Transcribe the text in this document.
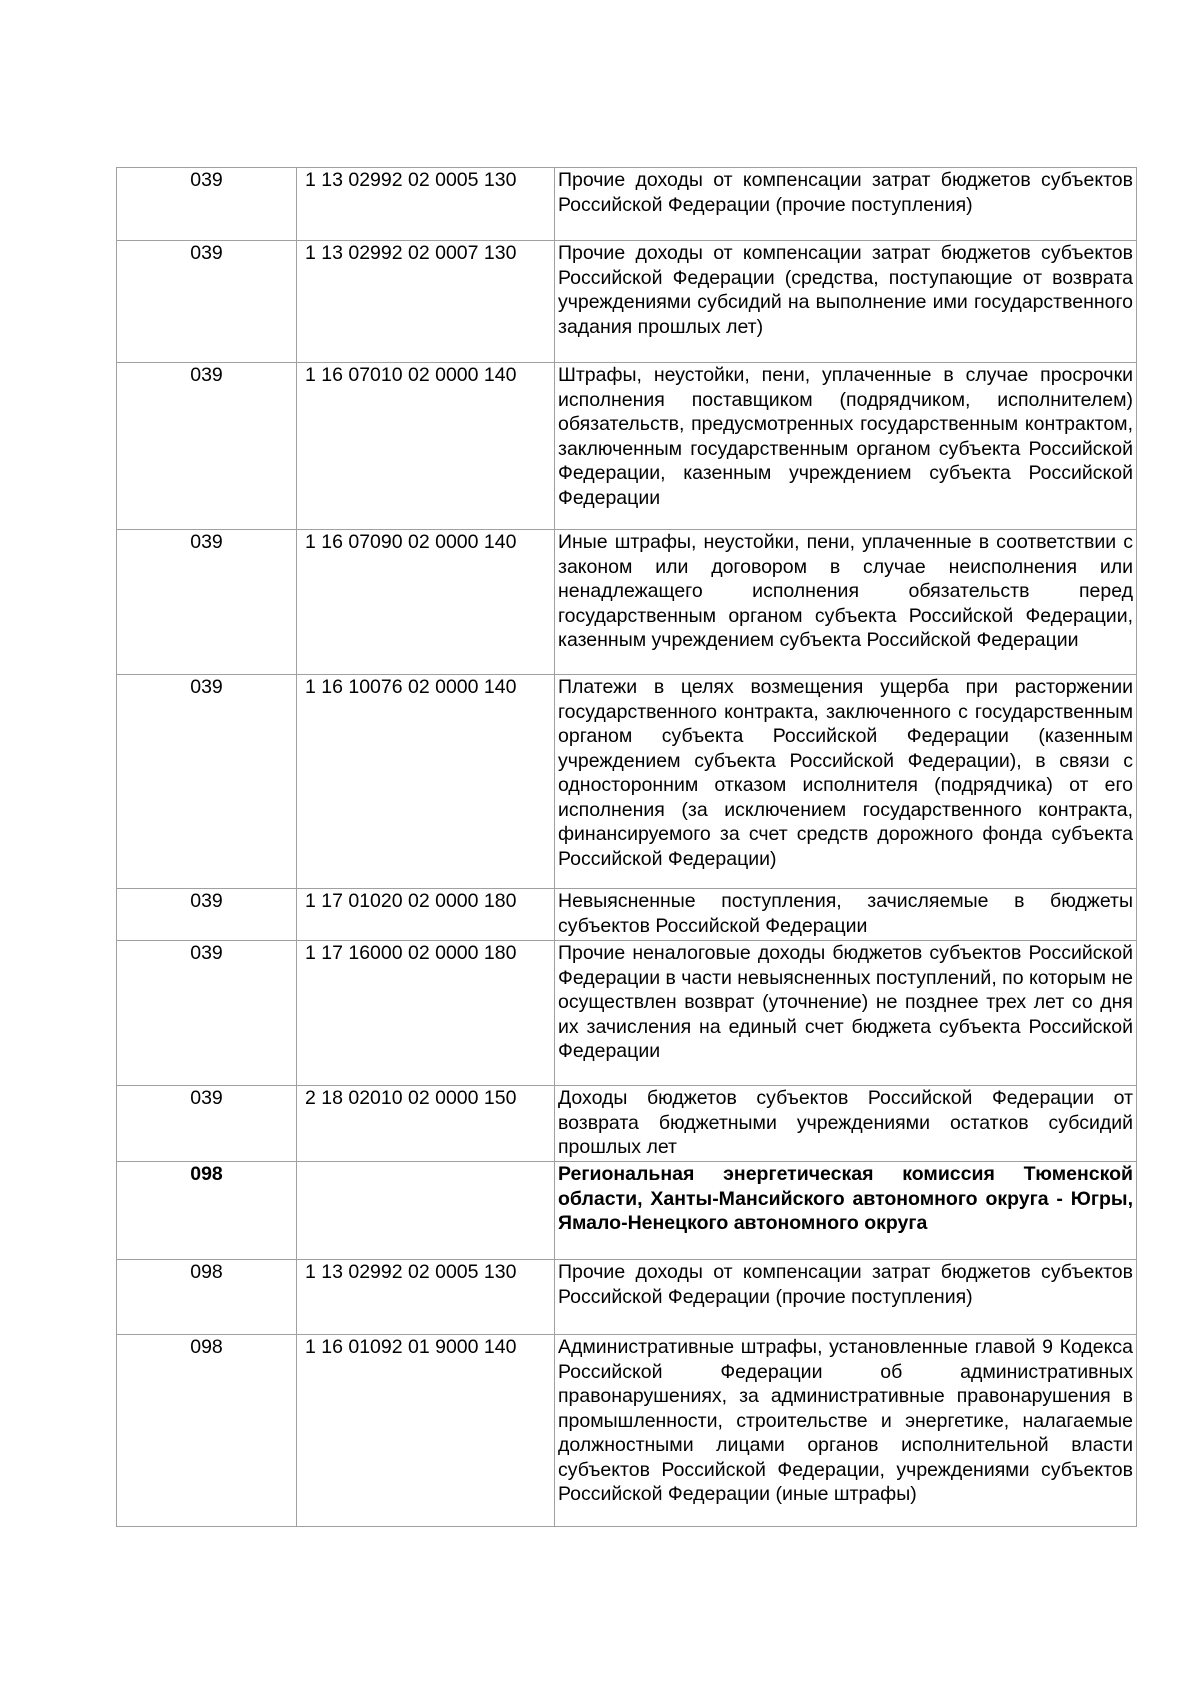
039	1 13 02992 02 0005 130	Прочие доходы от компенсации затрат бюджетов субъектов Российской Федерации (прочие поступления)

039	1 13 02992 02 0007 130	Прочие доходы от компенсации затрат бюджетов субъектов Российской Федерации (средства, поступающие от возврата учреждениями субсидий на выполнение ими государственного задания прошлых лет)

039	1 16 07010 02 0000 140	Штрафы, неустойки, пени, уплаченные в случае просрочки исполнения поставщиком (подрядчиком, исполнителем) обязательств, предусмотренных государственным контрактом, заключенным государственным органом субъекта Российской Федерации, казенным учреждением субъекта Российской Федерации

039	1 16 07090 02 0000 140	Иные штрафы, неустойки, пени, уплаченные в соответствии с законом или договором в случае неисполнения или ненадлежащего исполнения обязательств перед государственным органом субъекта Российской Федерации, казенным учреждением субъекта Российской Федерации

039	1 16 10076 02 0000 140	Платежи в целях возмещения ущерба при расторжении государственного контракта, заключенного с государственным органом субъекта Российской Федерации (казенным учреждением субъекта Российской Федерации), в связи с односторонним отказом исполнителя (подрядчика) от его исполнения (за исключением государственного контракта, финансируемого за счет средств дорожного фонда субъекта Российской Федерации)

039	1 17 01020 02 0000 180	Невыясненные поступления, зачисляемые в бюджеты субъектов Российской Федерации

039	1 17 16000 02 0000 180	Прочие неналоговые доходы бюджетов субъектов Российской Федерации в части невыясненных поступлений, по которым не осуществлен возврат (уточнение) не позднее трех лет со дня их зачисления на единый счет бюджета субъекта Российской Федерации

039	2 18 02010 02 0000 150	Доходы бюджетов субъектов Российской Федерации от возврата бюджетными учреждениями остатков субсидий прошлых лет

098		Региональная энергетическая комиссия Тюменской области, Ханты-Мансийского автономного округа - Югры, Ямало-Ненецкого автономного округа

098	1 13 02992 02 0005 130	Прочие доходы от компенсации затрат бюджетов субъектов Российской Федерации (прочие поступления)

098	1 16 01092 01 9000 140	Административные штрафы, установленные главой 9 Кодекса Российской Федерации об административных правонарушениях, за административные правонарушения в промышленности, строительстве и энергетике, налагаемые должностными лицами органов исполнительной власти субъектов Российской Федерации, учреждениями субъектов Российской Федерации (иные штрафы)
